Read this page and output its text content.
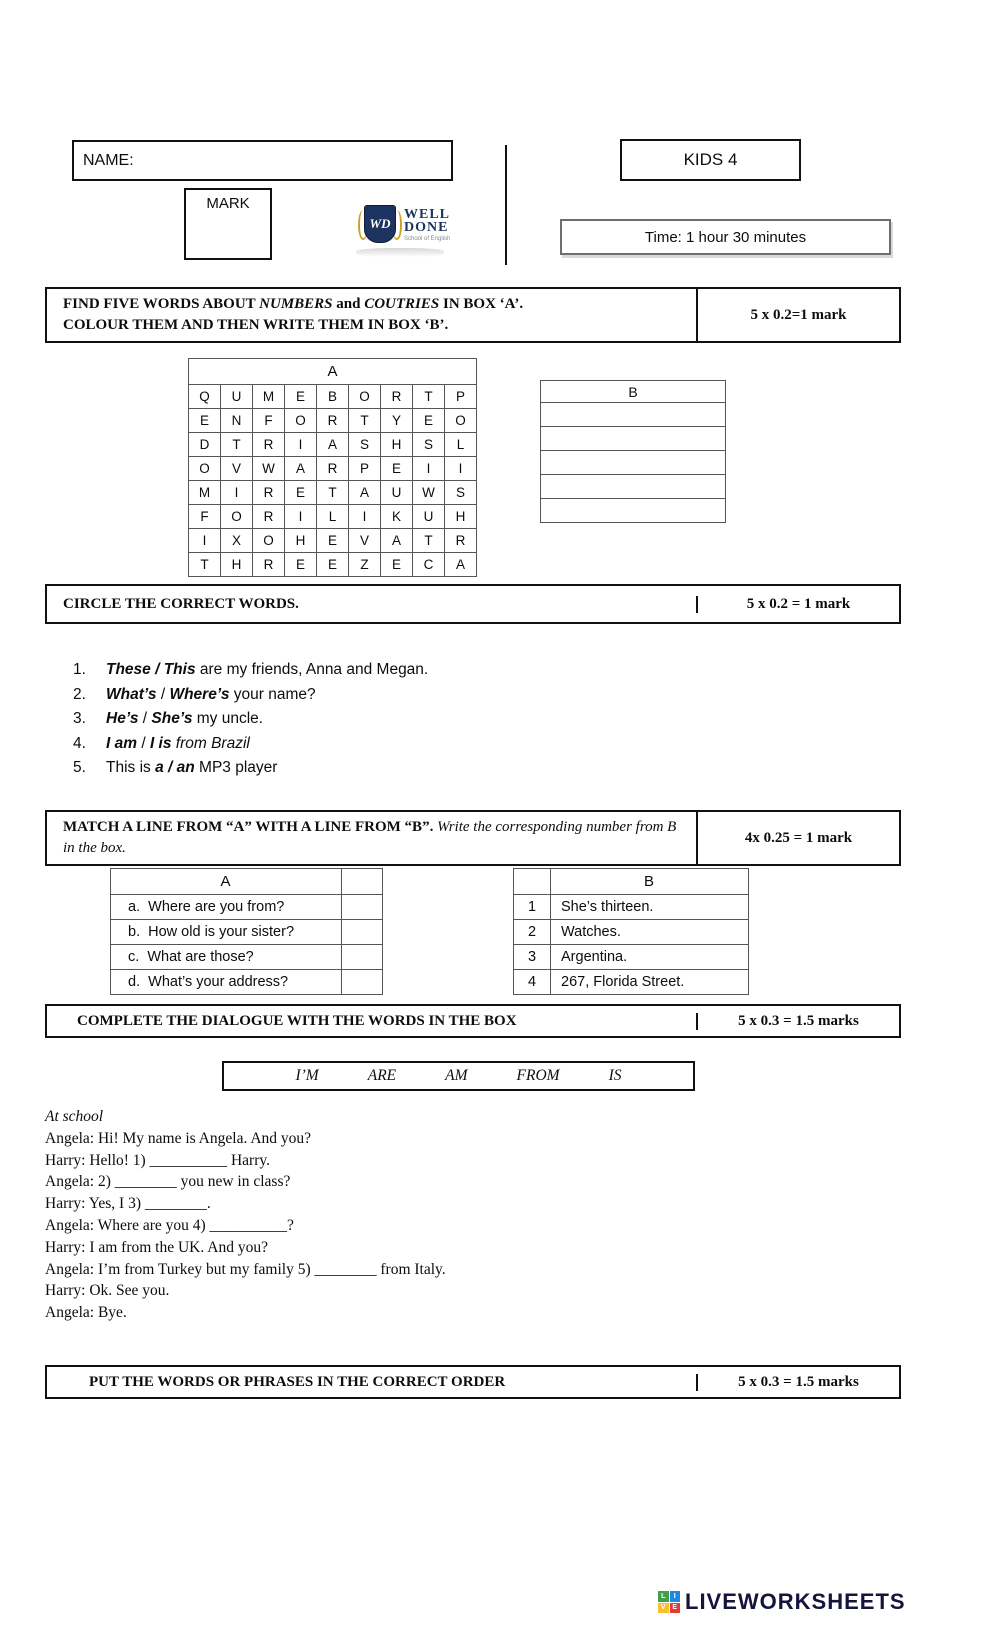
NAME:
MARK
WD
WELL
DONE
School of English
KIDS 4
Time: 1 hour 30 minutes
FIND FIVE WORDS ABOUT NUMBERS and COUTRIES IN BOX ‘A’.
COLOUR THEM AND THEN WRITE THEM IN BOX ‘B’.
5 x 0.2=1 mark
A								
Q	U	M	E	B	O	R	T	P
E	N	F	O	R	T	Y	E	O
D	T	R	I	A	S	H	S	L
O	V	W	A	R	P	E	I	I
M	I	R	E	T	A	U	W	S
F	O	R	I	L	I	K	U	H
I	X	O	H	E	V	A	T	R
T	H	R	E	E	Z	E	C	A
B
CIRCLE THE CORRECT WORDS.	5 x 0.2 = 1 mark
1.	These / This are my friends, Anna and Megan.
2.	What’s / Where’s your name?
3.	He’s / She’s my uncle.
4.	I am / I is from Brazil
5.	This is a / an MP3 player
MATCH A LINE FROM “A” WITH A LINE FROM “B”. Write the corresponding number from B in the box.
4x 0.25 = 1 mark
A	
a.  Where are you from?	
b.  How old is your sister?	
c.  What are those?	
d.  What’s your address?	
	B
1	She’s thirteen.
2	Watches.
3	Argentina.
4	267, Florida Street.
COMPLETE THE DIALOGUE WITH THE WORDS IN THE BOX	5 x 0.3 = 1.5 marks
I’M	ARE	AM	FROM	IS
At school
Angela: Hi! My name is Angela. And you?
Harry: Hello! 1) __________ Harry.
Angela: 2) ________ you new in class?
Harry: Yes, I 3) ________.
Angela: Where are you 4) __________?
Harry: I am from the UK. And you?
Angela: I’m from Turkey but my family 5) ________ from Italy.
Harry: Ok. See you.
Angela: Bye.
PUT THE WORDS OR PHRASES IN THE CORRECT ORDER	5 x 0.3 = 1.5 marks
L	I
V E LIVEWORKSHEETS
